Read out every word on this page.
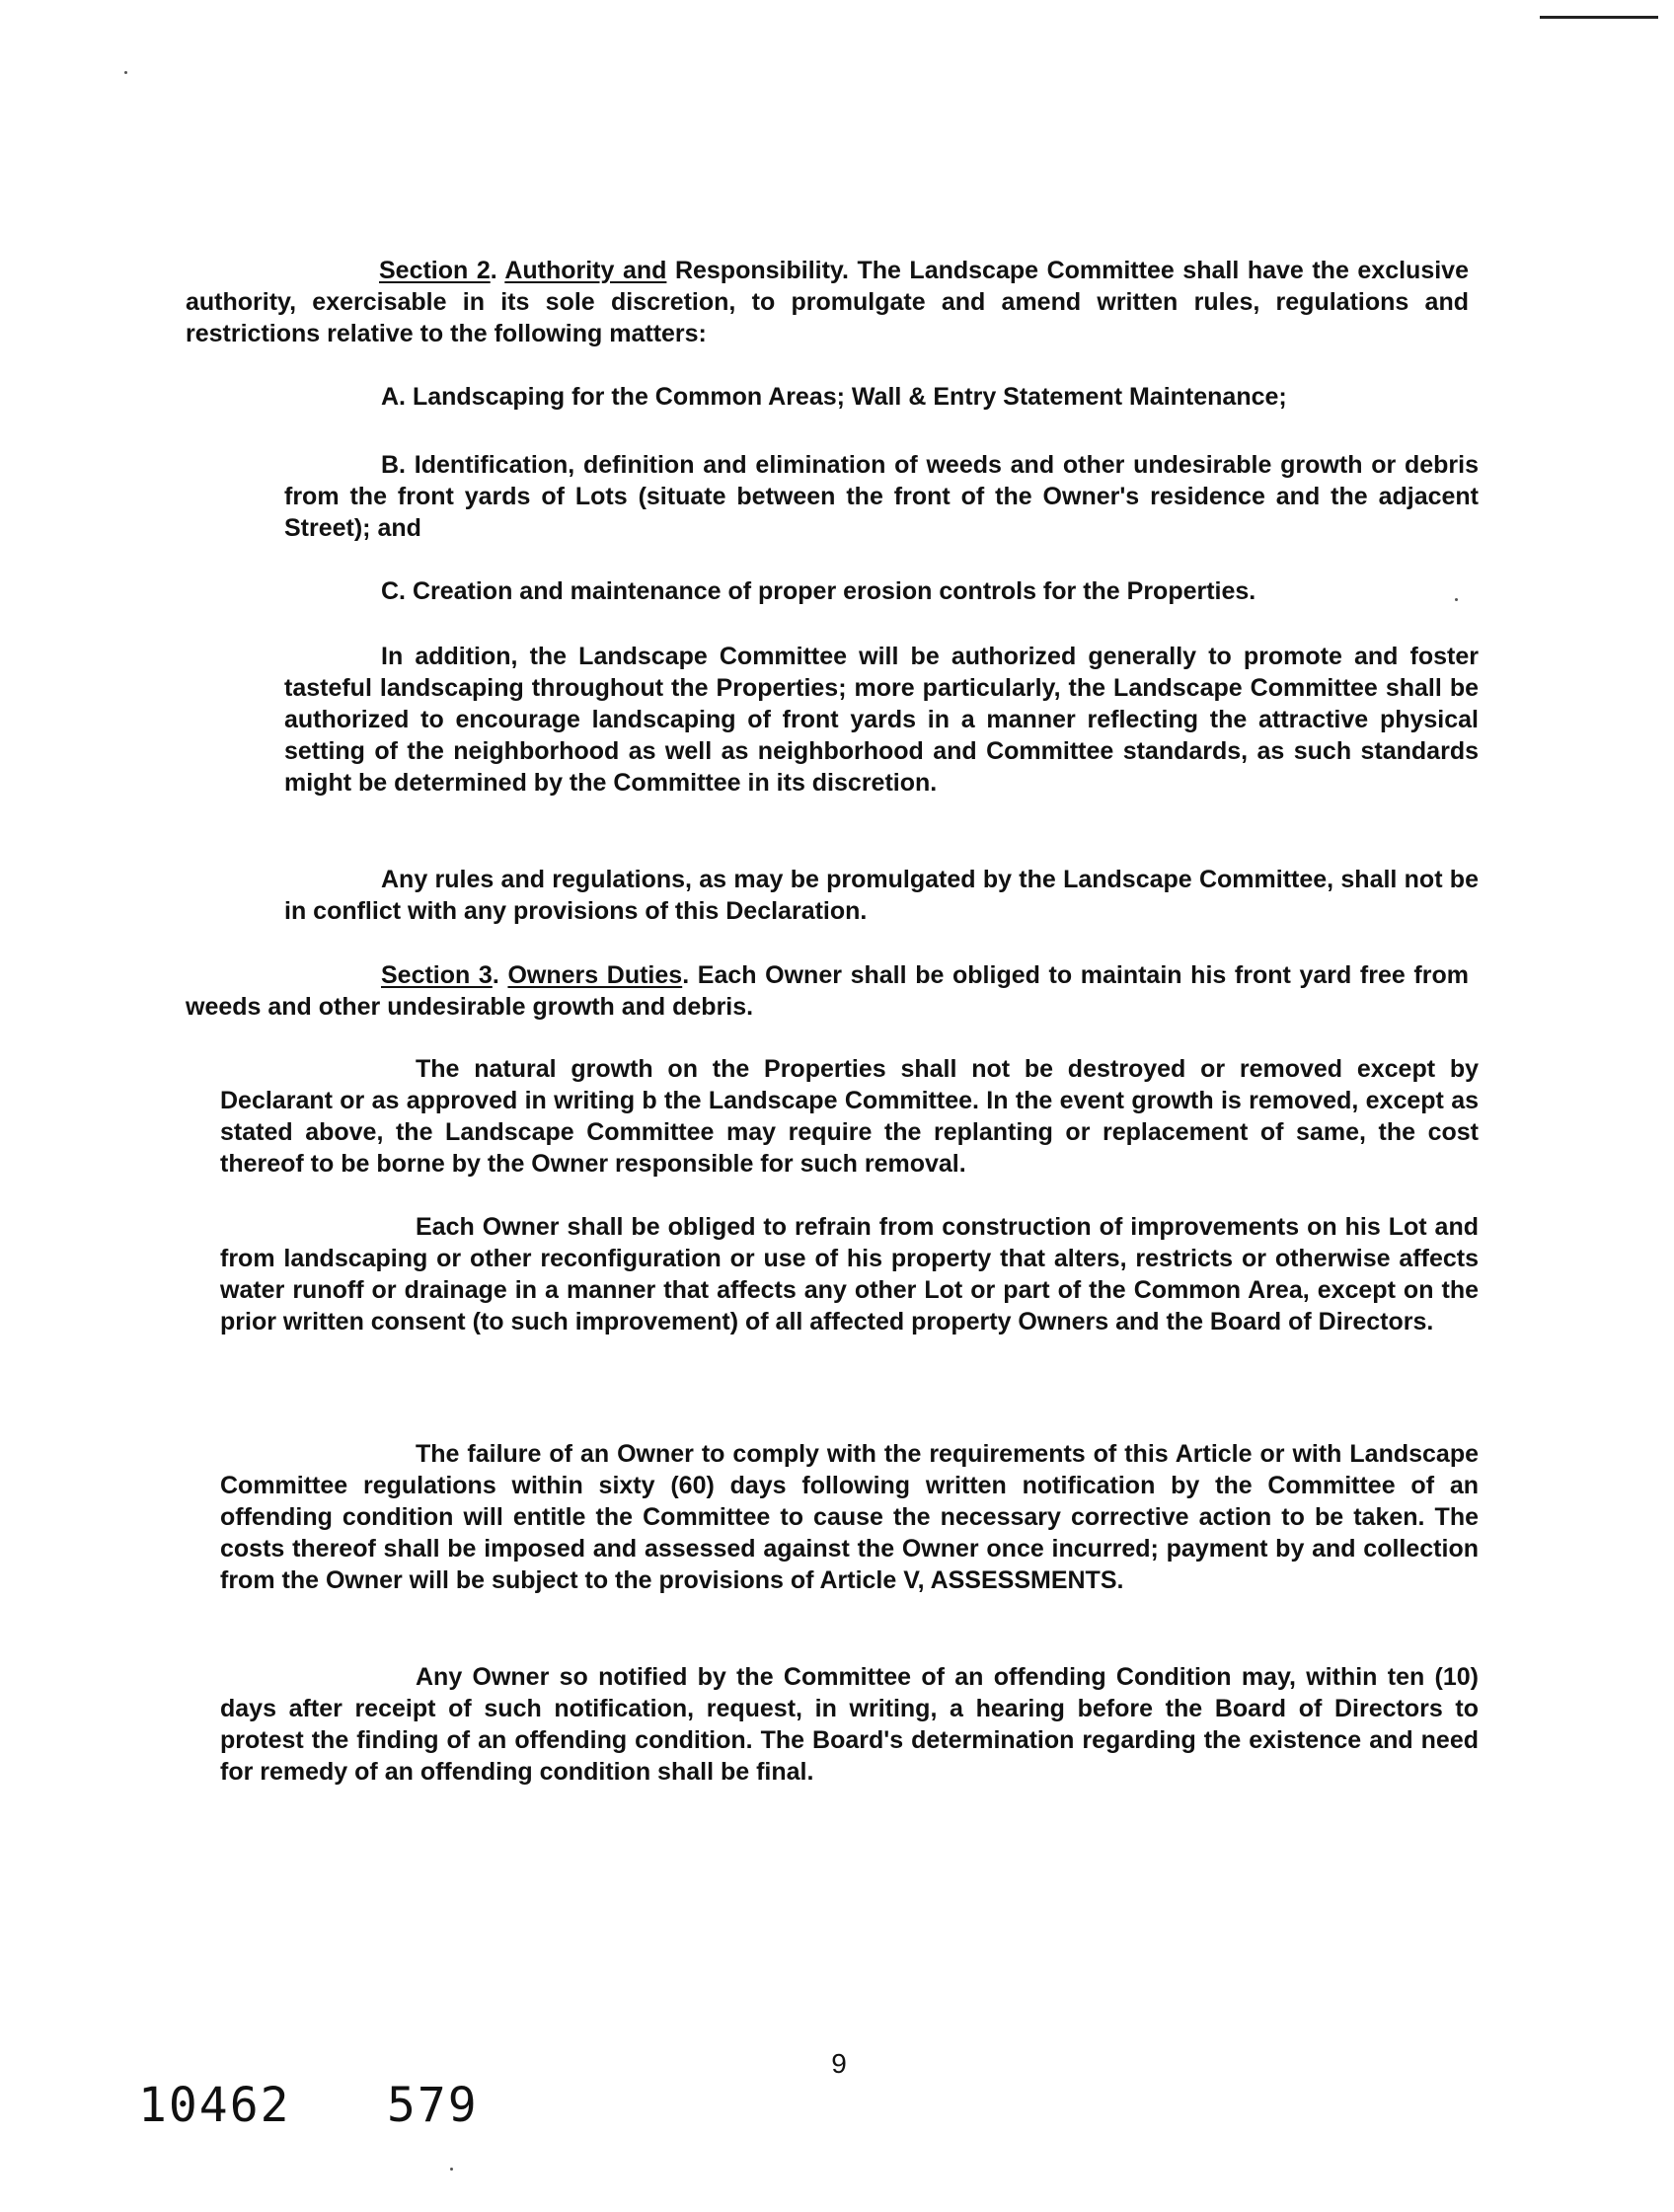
Section 2. Authority and Responsibility. The Landscape Committee shall have the exclusive authority, exercisable in its sole discretion, to promulgate and amend written rules, regulations and restrictions relative to the following matters:

A. Landscaping for the Common Areas; Wall & Entry Statement Maintenance;

B. Identification, definition and elimination of weeds and other undesirable growth or debris from the front yards of Lots (situate between the front of the Owner's residence and the adjacent Street); and

C. Creation and maintenance of proper erosion controls for the Properties.

In addition, the Landscape Committee will be authorized generally to promote and foster tasteful landscaping throughout the Properties; more particularly, the Landscape Committee shall be authorized to encourage landscaping of front yards in a manner reflecting the attractive physical setting of the neighborhood as well as neighborhood and Committee standards, as such standards might be determined by the Committee in its discretion.

Any rules and regulations, as may be promulgated by the Landscape Committee, shall not be in conflict with any provisions of this Declaration.

Section 3. Owners Duties. Each Owner shall be obliged to maintain his front yard free from weeds and other undesirable growth and debris.

The natural growth on the Properties shall not be destroyed or removed except by Declarant or as approved in writing b the Landscape Committee. In the event growth is removed, except as stated above, the Landscape Committee may require the replanting or replacement of same, the cost thereof to be borne by the Owner responsible for such removal.

Each Owner shall be obliged to refrain from construction of improvements on his Lot and from landscaping or other reconfiguration or use of his property that alters, restricts or otherwise affects water runoff or drainage in a manner that affects any other Lot or part of the Common Area, except on the prior written consent (to such improvement) of all affected property Owners and the Board of Directors.

The failure of an Owner to comply with the requirements of this Article or with Landscape Committee regulations within sixty (60) days following written notification by the Committee of an offending condition will entitle the Committee to cause the necessary corrective action to be taken. The costs thereof shall be imposed and assessed against the Owner once incurred; payment by and collection from the Owner will be subject to the provisions of Article V, ASSESSMENTS.

Any Owner so notified by the Committee of an offending Condition may, within ten (10) days after receipt of such notification, request, in writing, a hearing before the Board of Directors to protest the finding of an offending condition. The Board's determination regarding the existence and need for remedy of an offending condition shall be final.

9
10462 579
